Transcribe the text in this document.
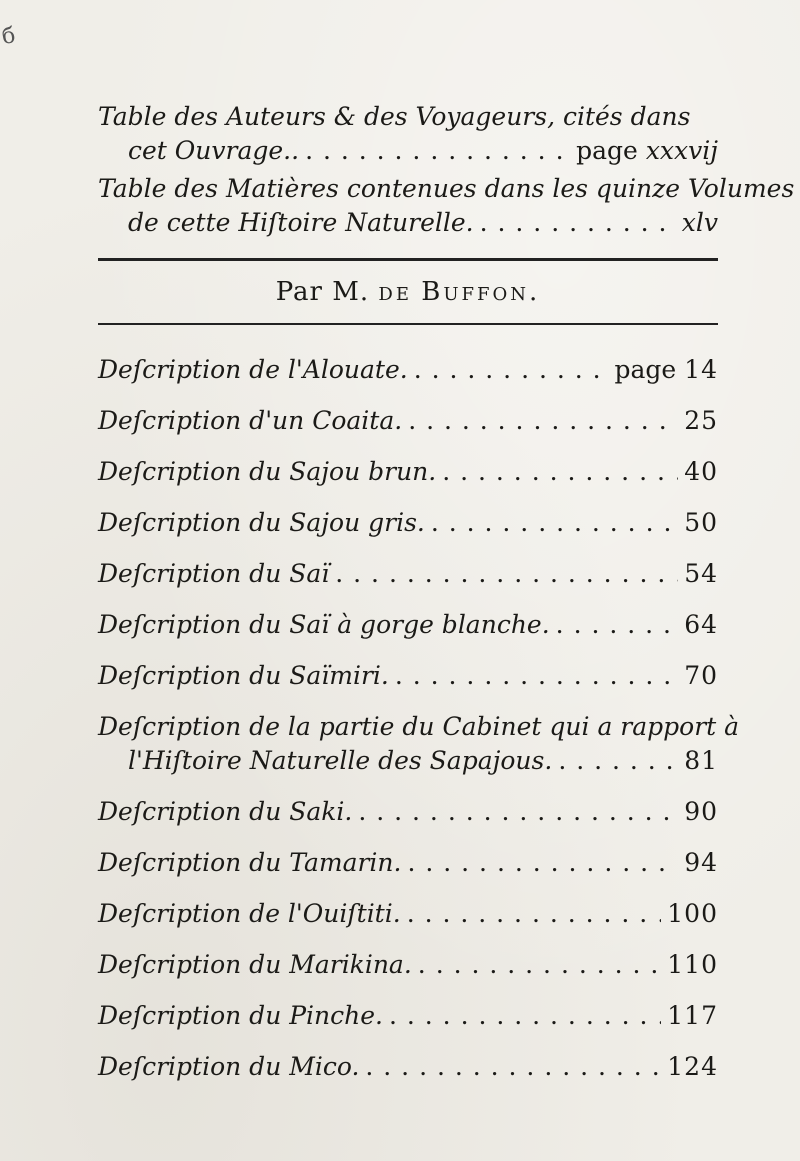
б
Table des Auteurs & des Voyageurs, cités dans
cet Ouvrage.. . . .	page xxxvij
Table des Matières contenues dans les quinze Volumes
de cette Hiſtoire Naturelle. . . .	xlv
Par M. de Buffon.
Deſcription de l'Alouate. . . .	page 14
Deſcription d'un Coaita. . . .	25
Deſcription du Sajou brun. . . .	40
Deſcription du Sajou gris. . . .	50
Deſcription du Saï . . .	54
Deſcription du Saï à gorge blanche. . . .	64
Deſcription du Saïmiri. . . .	70
Deſcription de la partie du Cabinet qui a rapport à
l'Hiſtoire Naturelle des Sapajous. . . .	81
Deſcription du Saki. . . .	90
Deſcription du Tamarin. . . .	94
Deſcription de l'Ouiſtiti. . . .	100
Deſcription du Marikina. . . .	110
Deſcription du Pinche. . . .	117
Deſcription du Mico. . . .	124
